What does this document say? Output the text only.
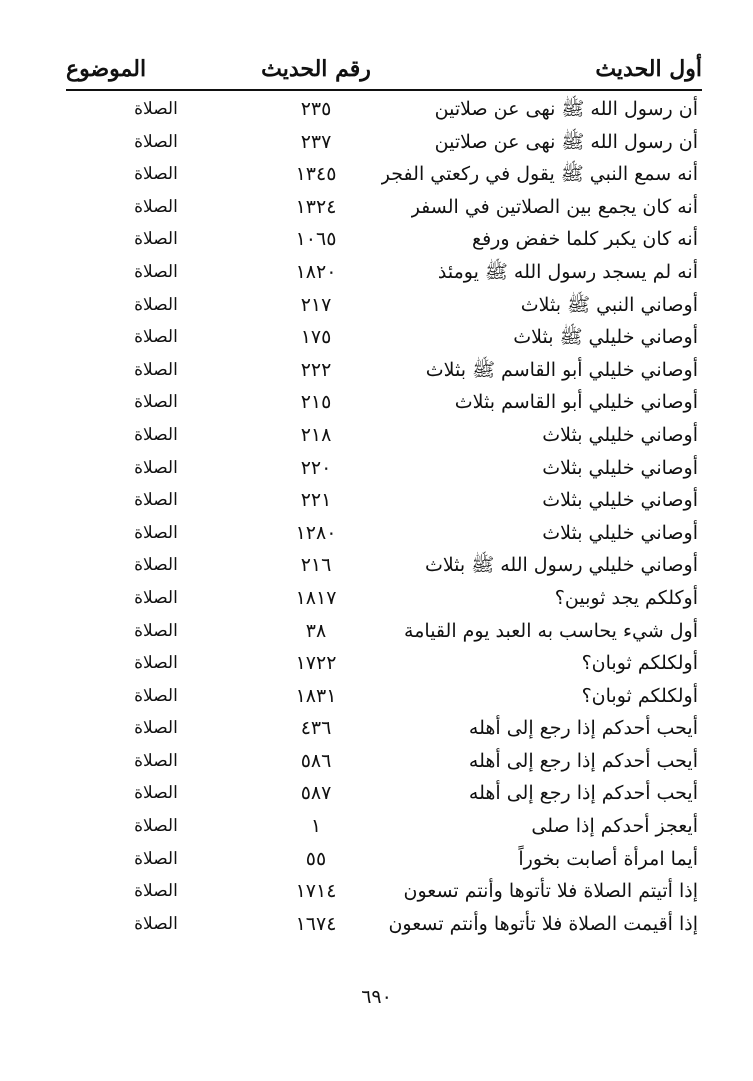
أول الحديث
رقم الحديث
الموضوع
أن رسول الله ﷺ نهى عن صلاتين
٢٣٥
الصلاة
أن رسول الله ﷺ نهى عن صلاتين
٢٣٧
الصلاة
أنه سمع النبي ﷺ يقول في ركعتي الفجر
١٣٤٥
الصلاة
أنه كان يجمع بين الصلاتين في السفر
١٣٢٤
الصلاة
أنه كان يكبر كلما خفض ورفع
١٠٦٥
الصلاة
أنه لم يسجد رسول الله ﷺ يومئذ
١٨٢٠
الصلاة
أوصاني النبي ﷺ بثلاث
٢١٧
الصلاة
أوصاني خليلي ﷺ بثلاث
١٧٥
الصلاة
أوصاني خليلي أبو القاسم ﷺ بثلاث
٢٢٢
الصلاة
أوصاني خليلي أبو القاسم بثلاث
٢١٥
الصلاة
أوصاني خليلي بثلاث
٢١٨
الصلاة
أوصاني خليلي بثلاث
٢٢٠
الصلاة
أوصاني خليلي بثلاث
٢٢١
الصلاة
أوصاني خليلي بثلاث
١٢٨٠
الصلاة
أوصاني خليلي رسول الله ﷺ بثلاث
٢١٦
الصلاة
أوكلكم يجد ثوبين؟
١٨١٧
الصلاة
أول شيء يحاسب به العبد يوم القيامة
٣٨
الصلاة
أولكلكم ثوبان؟
١٧٢٢
الصلاة
أولكلكم ثوبان؟
١٨٣١
الصلاة
أيحب أحدكم إذا رجع إلى أهله
٤٣٦
الصلاة
أيحب أحدكم إذا رجع إلى أهله
٥٨٦
الصلاة
أيحب أحدكم إذا رجع إلى أهله
٥٨٧
الصلاة
أيعجز أحدكم إذا صلى
١
الصلاة
أيما امرأة أصابت بخوراً
٥٥
الصلاة
إذا أتيتم الصلاة فلا تأتوها وأنتم تسعون
١٧١٤
الصلاة
إذا أقيمت الصلاة فلا تأتوها وأنتم تسعون
١٦٧٤
الصلاة
٦٩٠
